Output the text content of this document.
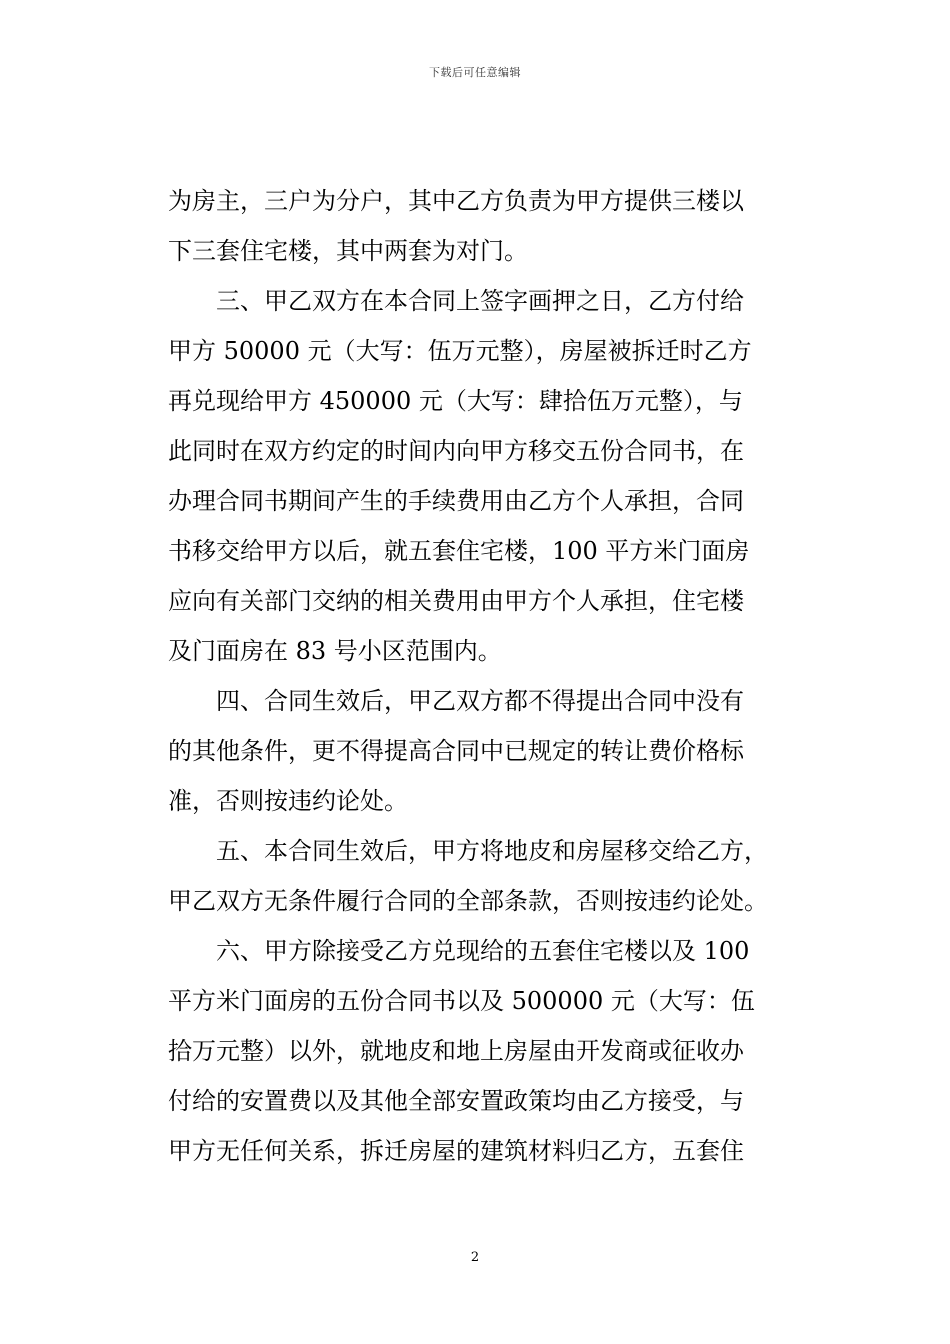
下载后可任意编辑
为房主，三户为分户，其中乙方负责为甲方提供三楼以
下三套住宅楼，其中两套为对门。
三、甲乙双方在本合同上签字画押之日，乙方付给
甲方 50000 元（大写：伍万元整），房屋被拆迁时乙方
再兑现给甲方 450000 元（大写：肆拾伍万元整），与
此同时在双方约定的时间内向甲方移交五份合同书，在
办理合同书期间产生的手续费用由乙方个人承担，合同
书移交给甲方以后，就五套住宅楼，100 平方米门面房
应向有关部门交纳的相关费用由甲方个人承担，住宅楼
及门面房在 83 号小区范围内。
四、合同生效后，甲乙双方都不得提出合同中没有
的其他条件，更不得提高合同中已规定的转让费价格标
准，否则按违约论处。
五、本合同生效后，甲方将地皮和房屋移交给乙方，
甲乙双方无条件履行合同的全部条款，否则按违约论处。
六、甲方除接受乙方兑现给的五套住宅楼以及 100
平方米门面房的五份合同书以及 500000 元（大写：伍
拾万元整）以外，就地皮和地上房屋由开发商或征收办
付给的安置费以及其他全部安置政策均由乙方接受，与
甲方无任何关系，拆迁房屋的建筑材料归乙方，五套住
2
